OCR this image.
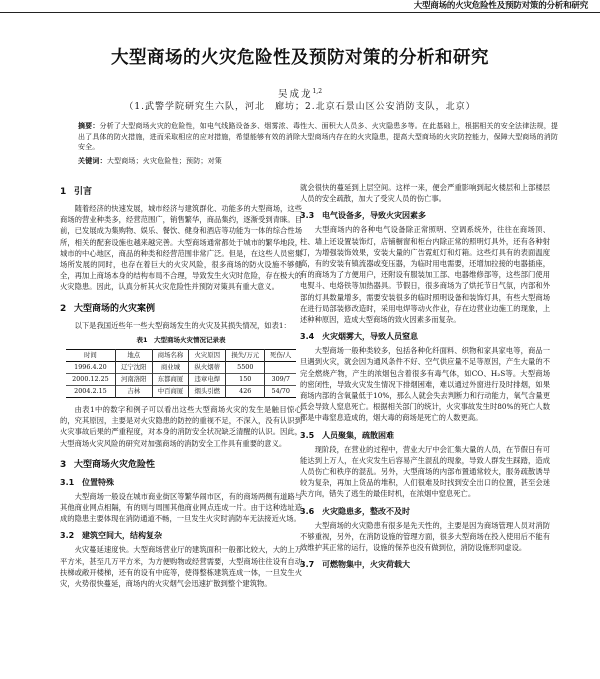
大型商场的火灾危险性及预防对策的分析和研究
大型商场的火灾危险性及预防对策的分析和研究
吴成龙$^{1,2}$
（1.武警学院研究生六队，河北　廊坊；2.北京石景山区公安消防支队，北京）
摘要：分析了大型商场火灾的危险性，如电气线路设备多、烟雾浓、毒性大、面积大人员多、火灾隐患多等。在此基础上，根据相关的安全法律法规，提出了具体的防火措施，进而采取相应的应对措施，希望能够有效的消除大型商场内存在的火灾隐患，提高大型商场的火灾防控能力，保障大型商场的消防安全。
关键词：大型商场；火灾危险性；预防；对策
1 引言

随着经济的快速发展，城市经济与建筑群化、功能多的大型商场，这些商场的营业种类多，经营范围广，销售繁华，商品集约，逐渐受到青睐。目前，已发展成为集购物、娱乐、餐饮、健身和酒店等功能为一体的综合性场所，相关的配套设施也越来越完善。大型商场通常都处于城市的繁华地段，城市的中心地区，商品的种类和经营范围非常广泛。但是，在这些人员密集场所发展的同时，也存在着巨大的火灾风险，很多商场的防火设施不够健全，再加上商场本身的结构布局不合理，导致发生火灾时危险，存在极大的火灾隐患。因此，认真分析其火灾危险性并预防对策具有重大意义。

2 大型商场的火灾案例

以下是我国近些年一些大型商场发生的火灾及其损失情况，如表1：

表1　大型商场火灾情况记录表
时间	地点	商场名称	火灾原因	损失/万元	死伤/人
1996.4.20	辽宁沈阳	商业城	纵火烟蒂	5500	
2000.12.25	河南洛阳	东都商厦	违章电焊	150	309/7
2004.2.15	吉林	中百商厦	烟头引燃	426	54/70

由表1中的数字和例子可以看出这些大型商场火灾的发生是触目惊心的，究其原因，主要是对火灾隐患的防控的重视不足，不深入，没有认识到火灾事故后果的严重程度，对本身的消防安全状况缺乏清醒的认识。因此，大型商场火灾风险的研究对加强商场的消防安全工作具有重要的意义。

3 大型商场火灾危险性
3.1 位置特殊

大型商场一般设在城市商业街区等繁华闹市区，有的商场两侧有道路与其他商业网点相隔，有的则与周围其他商业网点连成一片。由于这种选址造成的隐患主要体现在消防通道不畅，一旦发生火灾时消防车无法接近火场。

3.2 建筑空间大，结构复杂

火灾蔓延速度快。大型商场营业厅的建筑面积一般都比较大，大的上万平方米，甚至几万平方米，为方便购物或经营需要，大型商场往往设有自动扶梯或敞开楼梯，还有的设有中庭等，使得整栋建筑连成一体，一旦发生火灾，火势很快蔓延，商场内的火灾烟气会迅速扩散到整个建筑物。

就会很快的蔓延到上层空间。这样一来，便会严重影响到起火楼层和上部楼层人员的安全疏散，加大了受灾人员的伤亡事。

3.3 电气设备多，导致火灾因素多

大型商场内的各种电气设备除正常照明、空调系统外，往往在商场顶、柱、墙上还设置装饰灯，店铺橱窗和柜台内除正常的照明灯具外，还有各种射灯，为增强装饰效果，安装大量的广告霓虹灯和灯箱。这些灯具有的表面温度高，有的安装有镇流器或变压器，为临时用电需要，还增加拉接的电器插座，有的商场为了方便用户，还附设有服装加工部、电器维修部等，这些部门使用电熨斗、电烙铁等加热器具。节假日，很多商场为了烘托节日气氛，内部和外部的灯具数量增多，需要安装很多的临时照明设备和装饰灯具，有些大型商场在进行局部装修改造时，采用电焊等动火作业，存在边营业边施工的现象，上述种种原因，造成大型商场的致火因素多而复杂。

3.4 火灾烟雾大，导致人员窒息

大型商场一般种类较多，包括各种化纤面料、织物和家具家电等，商品一旦遇到火灾，就会因为通风条件不好、空气供应量不足等原因，产生大量的不完全燃烧产物，产生的浓烟包含着很多有毒气体，如CO、H₂S等。大型商场的密闭性，导致火灾发生情况下排烟困难，难以通过外窗进行及时排烟，如果商场内部的含氧量低于10%，那么人就会失去判断力和行动能力，氧气含量更低会导致人窒息死亡。根据相关部门的统计，火灾事故发生时80%的死亡人数都是中毒窒息造成的，烟大毒的商场是死亡的人数更高。

3.5 人员聚集，疏散困难

现阶段，在营业的过程中，营业大厅中会汇集大量的人员，在节假日有可能达到上万人，在火灾发生后容易产生混乱的现象，导致人群发生踩踏，造成人员伤亡和秩序的混乱。另外，大型商场的内部布置通常较大，服务疏散诱导较为复杂，再加上货品的堆积，人们很难及时找到安全出口的位置，甚至会迷失方向，错失了逃生的最佳时机，在浓烟中窒息死亡。

3.6 火灾隐患多，整改不及时

大型商场的火灾隐患有很多是先天性的，主要是因为商场管理人员对消防不够重视，另外，在消防设施的管理方面，很多大型商场在投入使用后不能有效维护其正常的运行，设施的保养也没有做到位，消防设施形同虚设。

3.7 可燃物集中，火灾荷载大
